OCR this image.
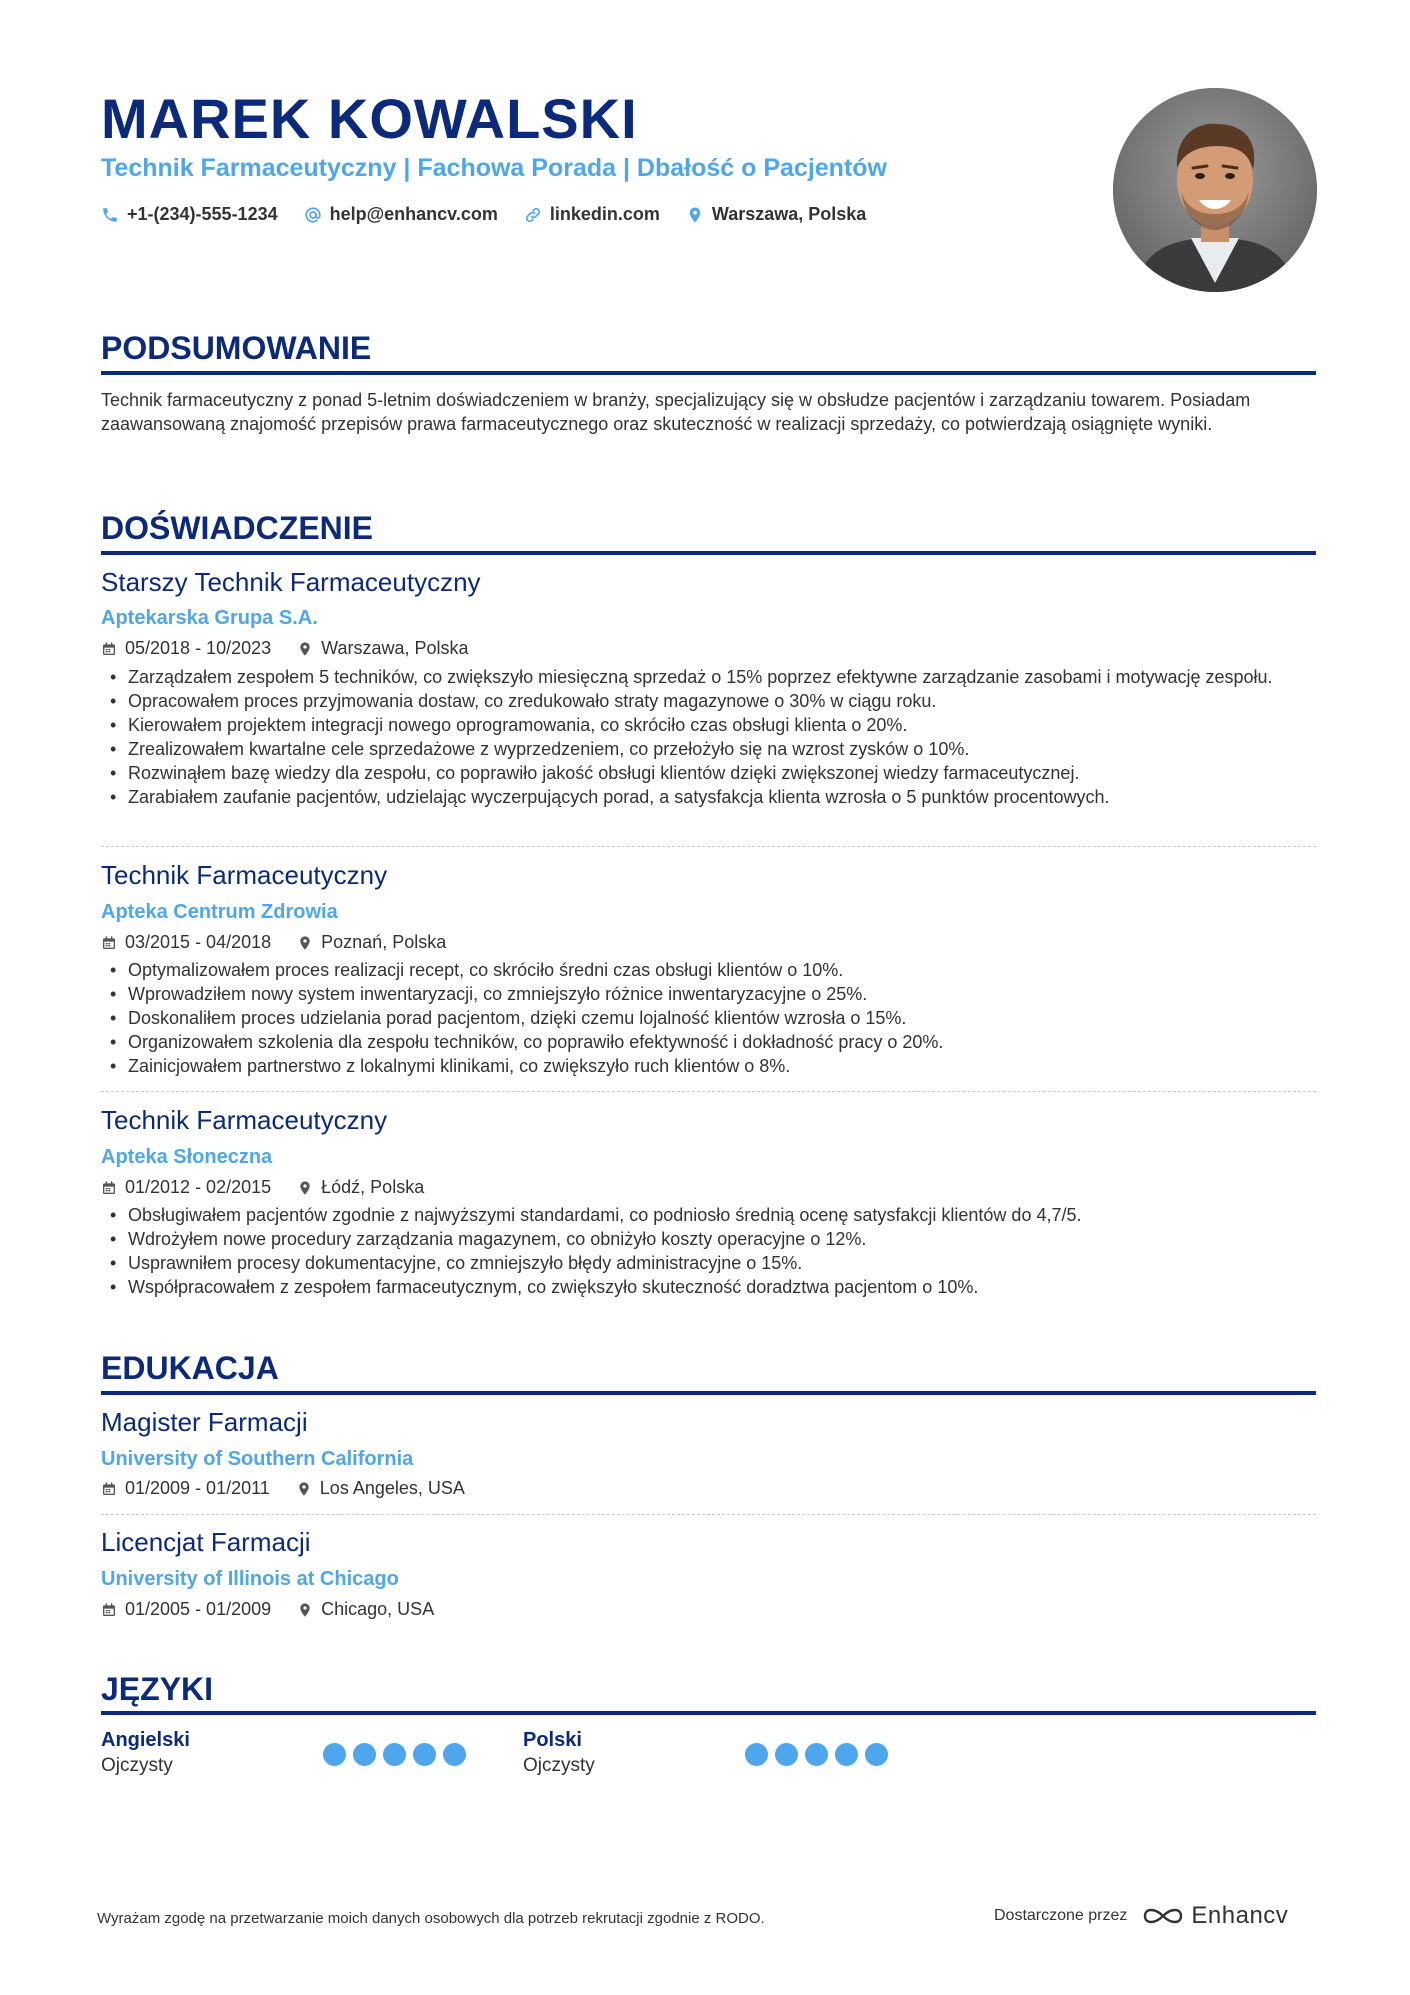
MAREK KOWALSKI
Technik Farmaceutyczny | Fachowa Porada | Dbałość o Pacjentów
+1-(234)-555-1234	help@enhancv.com	linkedin.com	Warszawa, Polska
PODSUMOWANIE
Technik farmaceutyczny z ponad 5-letnim doświadczeniem w branży, specjalizujący się w obsłudze pacjentów i zarządzaniu towarem. Posiadam zaawansowaną znajomość przepisów prawa farmaceutycznego oraz skuteczność w realizacji sprzedaży, co potwierdzają osiągnięte wyniki.
DOŚWIADCZENIE
Starszy Technik Farmaceutyczny
Aptekarska Grupa S.A.
05/2018 - 10/2023	Warszawa, Polska
• Zarządzałem zespołem 5 techników, co zwiększyło miesięczną sprzedaż o 15% poprzez efektywne zarządzanie zasobami i motywację zespołu.
• Opracowałem proces przyjmowania dostaw, co zredukowało straty magazynowe o 30% w ciągu roku.
• Kierowałem projektem integracji nowego oprogramowania, co skróciło czas obsługi klienta o 20%.
• Zrealizowałem kwartalne cele sprzedażowe z wyprzedzeniem, co przełożyło się na wzrost zysków o 10%.
• Rozwinąłem bazę wiedzy dla zespołu, co poprawiło jakość obsługi klientów dzięki zwiększonej wiedzy farmaceutycznej.
• Zarabiałem zaufanie pacjentów, udzielając wyczerpujących porad, a satysfakcja klienta wzrosła o 5 punktów procentowych.
Technik Farmaceutyczny
Apteka Centrum Zdrowia
03/2015 - 04/2018	Poznań, Polska
• Optymalizowałem proces realizacji recept, co skróciło średni czas obsługi klientów o 10%.
• Wprowadziłem nowy system inwentaryzacji, co zmniejszyło różnice inwentaryzacyjne o 25%.
• Doskonaliłem proces udzielania porad pacjentom, dzięki czemu lojalność klientów wzrosła o 15%.
• Organizowałem szkolenia dla zespołu techników, co poprawiło efektywność i dokładność pracy o 20%.
• Zainicjowałem partnerstwo z lokalnymi klinikami, co zwiększyło ruch klientów o 8%.
Technik Farmaceutyczny
Apteka Słoneczna
01/2012 - 02/2015	Łódź, Polska
• Obsługiwałem pacjentów zgodnie z najwyższymi standardami, co podniosło średnią ocenę satysfakcji klientów do 4,7/5.
• Wdrożyłem nowe procedury zarządzania magazynem, co obniżyło koszty operacyjne o 12%.
• Usprawniłem procesy dokumentacyjne, co zmniejszyło błędy administracyjne o 15%.
• Współpracowałem z zespołem farmaceutycznym, co zwiększyło skuteczność doradztwa pacjentom o 10%.
EDUKACJA
Magister Farmacji
University of Southern California
01/2009 - 01/2011	Los Angeles, USA
Licencjat Farmacji
University of Illinois at Chicago
01/2005 - 01/2009	Chicago, USA
JĘZYKI
Angielski
Ojczysty
Polski
Ojczysty
Wyrażam zgodę na przetwarzanie moich danych osobowych dla potrzeb rekrutacji zgodnie z RODO.	Dostarczone przez	Enhancv
